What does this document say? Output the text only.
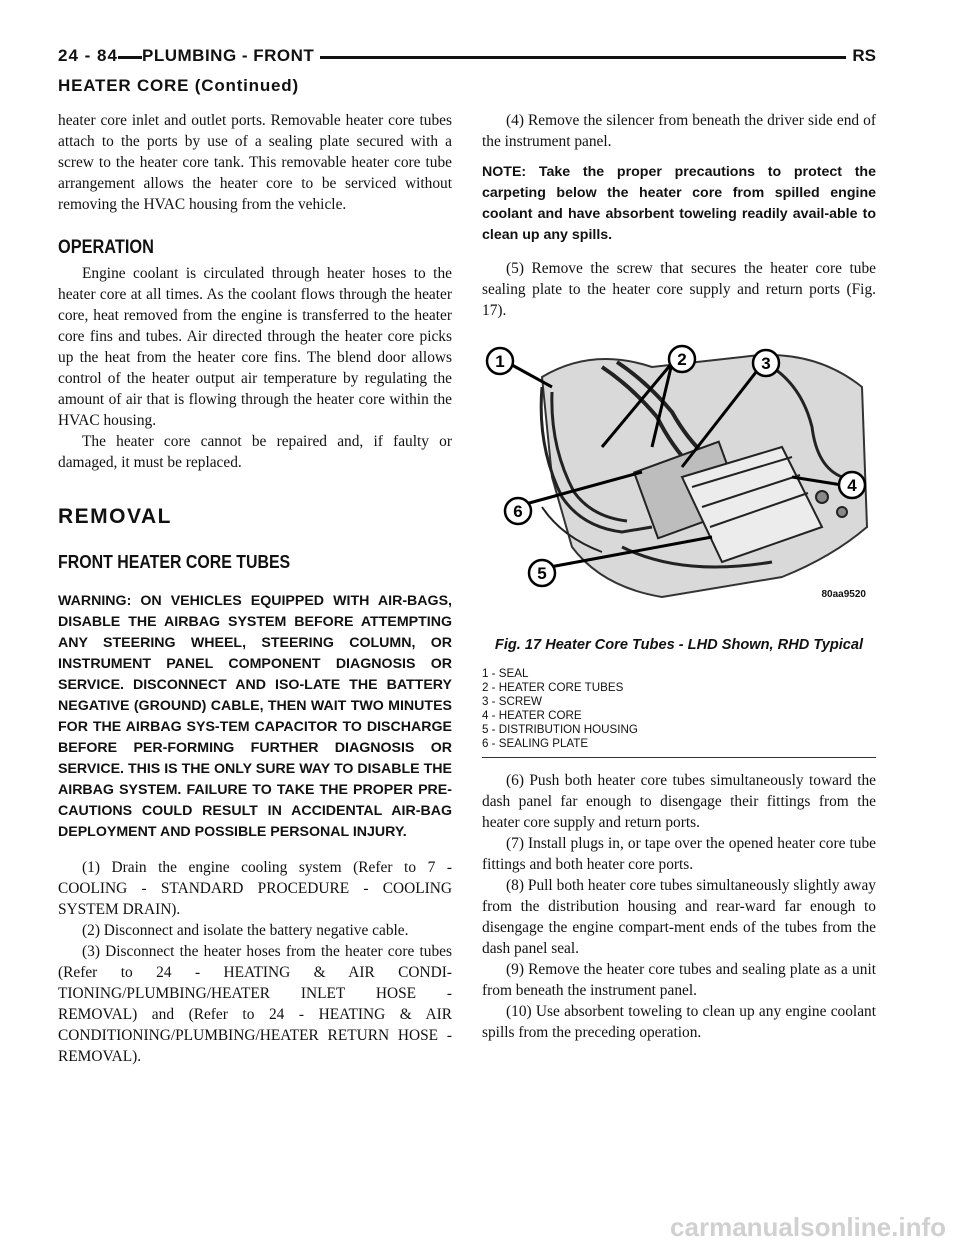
24 - 84 PLUMBING - FRONT	RS
HEATER CORE (Continued)

heater core inlet and outlet ports. Removable heater core tubes attach to the ports by use of a sealing plate secured with a screw to the heater core tank. This removable heater core tube arrangement allows the heater core to be serviced without removing the HVAC housing from the vehicle.

OPERATION

Engine coolant is circulated through heater hoses to the heater core at all times. As the coolant flows through the heater core, heat removed from the engine is transferred to the heater core fins and tubes. Air directed through the heater core picks up the heat from the heater core fins. The blend door allows control of the heater output air temperature by regulating the amount of air that is flowing through the heater core within the HVAC housing.

The heater core cannot be repaired and, if faulty or damaged, it must be replaced.

REMOVAL
FRONT HEATER CORE TUBES
WARNING: ON VEHICLES EQUIPPED WITH AIR-BAGS, DISABLE THE AIRBAG SYSTEM BEFORE ATTEMPTING ANY STEERING WHEEL, STEERING COLUMN, OR INSTRUMENT PANEL COMPONENT DIAGNOSIS OR SERVICE. DISCONNECT AND ISO-LATE THE BATTERY NEGATIVE (GROUND) CABLE, THEN WAIT TWO MINUTES FOR THE AIRBAG SYS-TEM CAPACITOR TO DISCHARGE BEFORE PER-FORMING FURTHER DIAGNOSIS OR SERVICE. THIS IS THE ONLY SURE WAY TO DISABLE THE AIRBAG SYSTEM. FAILURE TO TAKE THE PROPER PRE-CAUTIONS COULD RESULT IN ACCIDENTAL AIR-BAG DEPLOYMENT AND POSSIBLE PERSONAL INJURY.

(1) Drain the engine cooling system (Refer to 7 - COOLING - STANDARD PROCEDURE - COOLING SYSTEM DRAIN).

(2) Disconnect and isolate the battery negative cable.

(3) Disconnect the heater hoses from the heater core tubes (Refer to 24 - HEATING & AIR CONDI-TIONING/PLUMBING/HEATER INLET HOSE - REMOVAL) and (Refer to 24 - HEATING & AIR CONDITIONING/PLUMBING/HEATER RETURN HOSE - REMOVAL).

(4) Remove the silencer from beneath the driver side end of the instrument panel.

NOTE: Take the proper precautions to protect the carpeting below the heater core from spilled engine coolant and have absorbent toweling readily avail-able to clean up any spills.

(5) Remove the screw that secures the heater core tube sealing plate to the heater core supply and return ports (Fig. 17).

1	2	3
4
5
6
80aa9520
Fig. 17 Heater Core Tubes - LHD Shown, RHD Typical
1 - SEAL
2 - HEATER CORE TUBES
3 - SCREW
4 - HEATER CORE
5 - DISTRIBUTION HOUSING
6 - SEALING PLATE

(6) Push both heater core tubes simultaneously toward the dash panel far enough to disengage their fittings from the heater core supply and return ports.

(7) Install plugs in, or tape over the opened heater core tube fittings and both heater core ports.

(8) Pull both heater core tubes simultaneously slightly away from the distribution housing and rear-ward far enough to disengage the engine compart-ment ends of the tubes from the dash panel seal.

(9) Remove the heater core tubes and sealing plate as a unit from beneath the instrument panel.

(10) Use absorbent toweling to clean up any engine coolant spills from the preceding operation.

carmanualsonline.info
